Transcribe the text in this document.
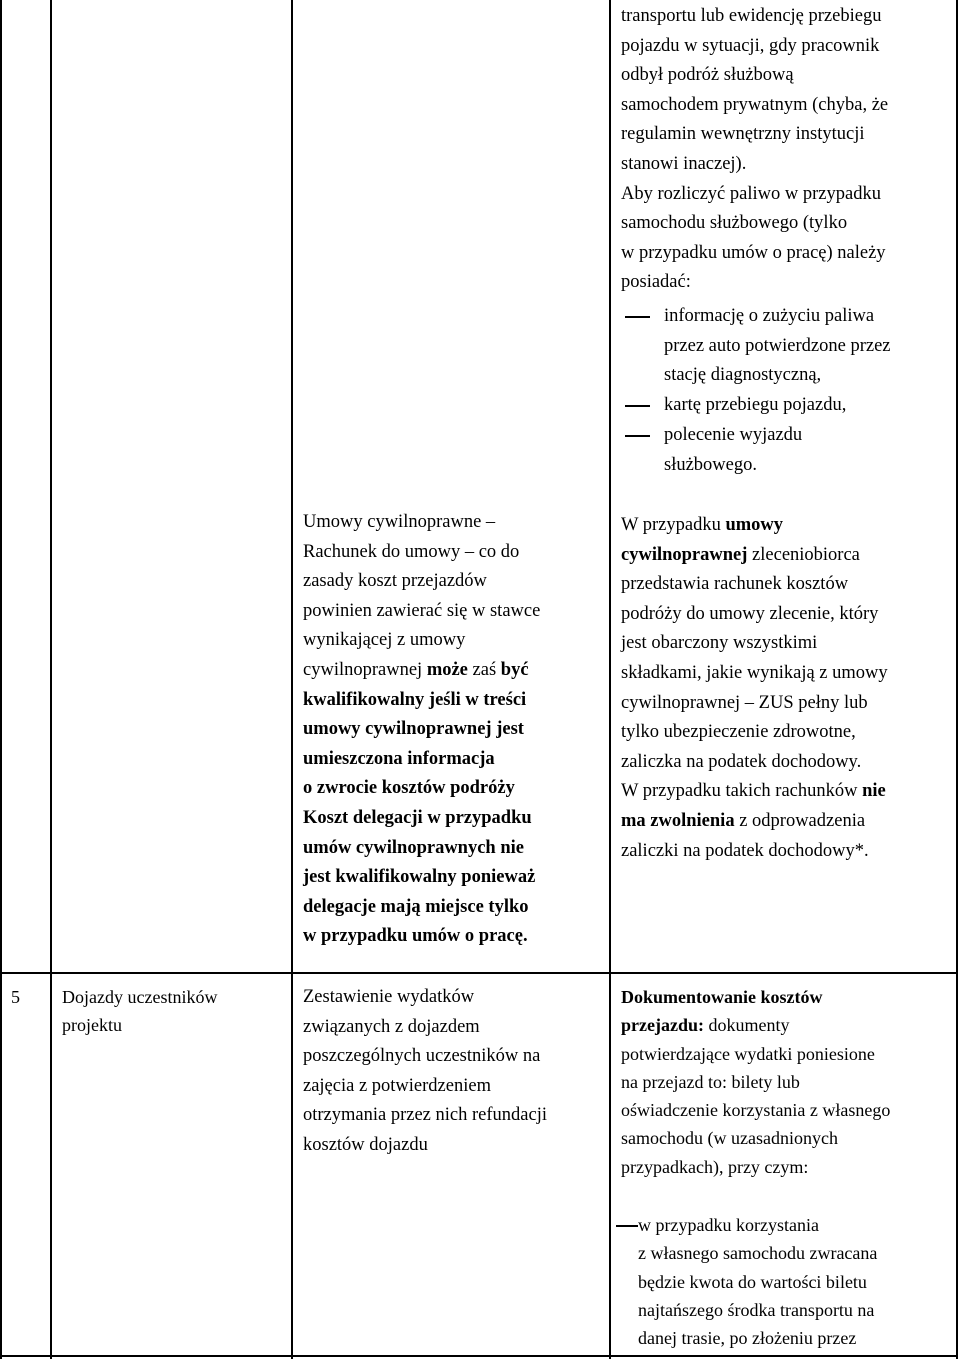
transportu lub ewidencję przebiegu
pojazdu w sytuacji, gdy pracownik
odbył podróż służbową
samochodem prywatnym (chyba, że
regulamin wewnętrzny instytucji
stanowi inaczej).
Aby rozliczyć paliwo w przypadku
samochodu służbowego (tylko
w przypadku umów o pracę) należy
posiadać:
informację o zużyciu paliwa
przez auto potwierdzone przez
stację diagnostyczną,
kartę przebiegu pojazdu,
polecenie wyjazdu
służbowego.
Umowy cywilnoprawne –
Rachunek do umowy – co do
zasady koszt przejazdów
powinien zawierać się w stawce
wynikającej z umowy
cywilnoprawnej może zaś być
kwalifikowalny jeśli w treści
umowy cywilnoprawnej jest
umieszczona informacja
o zwrocie kosztów podróży
Koszt delegacji w przypadku
umów cywilnoprawnych nie
jest kwalifikowalny ponieważ
delegacje mają miejsce tylko
w przypadku umów o pracę.
W przypadku umowy
cywilnoprawnej zleceniobiorca
przedstawia rachunek kosztów
podróży do umowy zlecenie, który
jest obarczony wszystkimi
składkami, jakie wynikają z umowy
cywilnoprawnej – ZUS pełny lub
tylko ubezpieczenie zdrowotne,
zaliczka na podatek dochodowy.
W przypadku takich rachunków nie
ma zwolnienia z odprowadzenia
zaliczki na podatek dochodowy*.
5 Dojazdy uczestników
projektu
Zestawienie wydatków
związanych z dojazdem
poszczególnych uczestników na
zajęcia z potwierdzeniem
otrzymania przez nich refundacji
kosztów dojazdu
Dokumentowanie kosztów
przejazdu: dokumenty
potwierdzające wydatki poniesione
na przejazd to: bilety lub
oświadczenie korzystania z własnego
samochodu (w uzasadnionych
przypadkach), przy czym:
w przypadku korzystania
z własnego samochodu zwracana
będzie kwota do wartości biletu
najtańszego środka transportu na
danej trasie, po złożeniu przez
